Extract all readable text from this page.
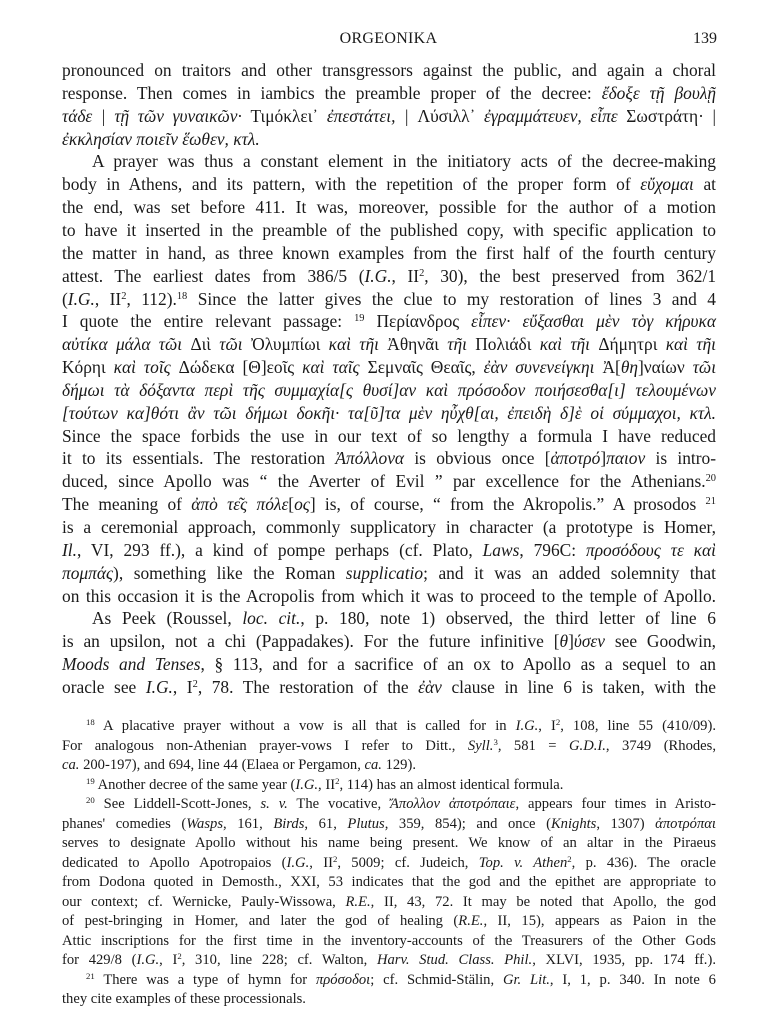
ORGEONIKA	139
pronounced on traitors and other transgressors against the public, and again a choral
response. Then comes in iambics the preamble proper of the decree: ἔδοξε τῇ βουλῇ
τάδε | τῇ τῶν γυναικῶν· Τιμόκλει᾽ ἐπεστάτει, | Λύσιλλ᾽ ἐγραμμάτευεν, εἶπε Σωστράτη· |
ἐκκλησίαν ποιεῖν ἕωθεν, κτλ.
A prayer was thus a constant element in the initiatory acts of the decree-making
body in Athens, and its pattern, with the repetition of the proper form of εὔχομαι at
the end, was set before 411. It was, moreover, possible for the author of a motion
to have it inserted in the preamble of the published copy, with specific application to
the matter in hand, as three known examples from the first half of the fourth century
attest. The earliest dates from 386/5 (I.G., $II^2$, 30), the best preserved from 362/1
(I.G., $II^2$, 112).$^{18}$ Since the latter gives the clue to my restoration of lines 3 and 4
I quote the entire relevant passage: $^{19}$ Περίανδρος εἶπεν· εὔξασθαι μὲν τὸγ κήρυκα
αὐτίκα μάλα τῶι Διὶ τῶι Ὀλυμπίωι καὶ τῆι Ἀθηνᾶι τῆι Πολιάδι καὶ τῆι Δήμητρι καὶ τῆι
Κόρηι καὶ τοῖς Δώδεκα [Θ]εοῖς καὶ ταῖς Σεμναῖς Θεαῖς, ἐὰν συνενείγκηι Ἀ[θη]ναίων τῶι
δήμωι τὰ δόξαντα περὶ τῆς συμμαχία[ς θυσί]αν καὶ πρόσοδον ποιήσεσθα[ι] τελουμένων
[τούτων κα]θότι ἂν τῶι δήμωι δοκῆι· τα[ῦ]τα μὲν ηὖχθ[αι, ἐπειδὴ δ]ὲ οἱ σύμμαχοι, κτλ.
Since the space forbids the use in our text of so lengthy a formula I have reduced
it to its essentials. The restoration Ἀπόλλονα is obvious once [ἀποτρό]παιον is intro-
duced, since Apollo was “ the Averter of Evil ” par excellence for the Athenians.$^{20}$
The meaning of ἀπὸ τε͂ς πόλε[ος] is, of course, “ from the Akropolis.” A prosodos $^{21}$
is a ceremonial approach, commonly supplicatory in character (a prototype is Homer,
Il., VI, 293 ff.), a kind of pompe perhaps (cf. Plato, Laws, 796C: προσόδους τε καὶ
πομπάς), something like the Roman supplicatio; and it was an added solemnity that
on this occasion it is the Acropolis from which it was to proceed to the temple of Apollo.
As Peek (Roussel, loc. cit., p. 180, note 1) observed, the third letter of line 6
is an upsilon, not a chi (Pappadakes). For the future infinitive [θ]ύσεν see Goodwin,
Moods and Tenses, § 113, and for a sacrifice of an ox to Apollo as a sequel to an
oracle see I.G., $I^2$, 78. The restoration of the ἐὰν clause in line 6 is taken, with the
$^{18}$ A placative prayer without a vow is all that is called for in I.G., $I^2$, 108, line 55 (410/09).
For analogous non-Athenian prayer-vows I refer to Ditt., Syll.$^3$, 581 = G.D.I., 3749 (Rhodes,
ca. 200-197), and 694, line 44 (Elaea or Pergamon, ca. 129).
$^{19}$ Another decree of the same year (I.G., $II^2$, 114) has an almost identical formula.
$^{20}$ See Liddell-Scott-Jones, s. v. The vocative, Ἄπολλον ἀποτρόπαιε, appears four times in Aristo-
phanes' comedies (Wasps, 161, Birds, 61, Plutus, 359, 854); and once (Knights, 1307) ἀποτρόπαι
serves to designate Apollo without his name being present. We know of an altar in the Piraeus
dedicated to Apollo Apotropaios (I.G., $II^2$, 5009; cf. Judeich, Top. v. Athen$^2$, p. 436). The oracle
from Dodona quoted in Demosth., XXI, 53 indicates that the god and the epithet are appropriate to
our context; cf. Wernicke, Pauly-Wissowa, R.E., II, 43, 72. It may be noted that Apollo, the god
of pest-bringing in Homer, and later the god of healing (R.E., II, 15), appears as Paion in the
Attic inscriptions for the first time in the inventory-accounts of the Treasurers of the Other Gods
for 429/8 (I.G., $I^2$, 310, line 228; cf. Walton, Harv. Stud. Class. Phil., XLVI, 1935, pp. 174 ff.).
$^{21}$ There was a type of hymn for πρόσοδοι; cf. Schmid-Stälin, Gr. Lit., I, 1, p. 340. In note 6
they cite examples of these processionals.
